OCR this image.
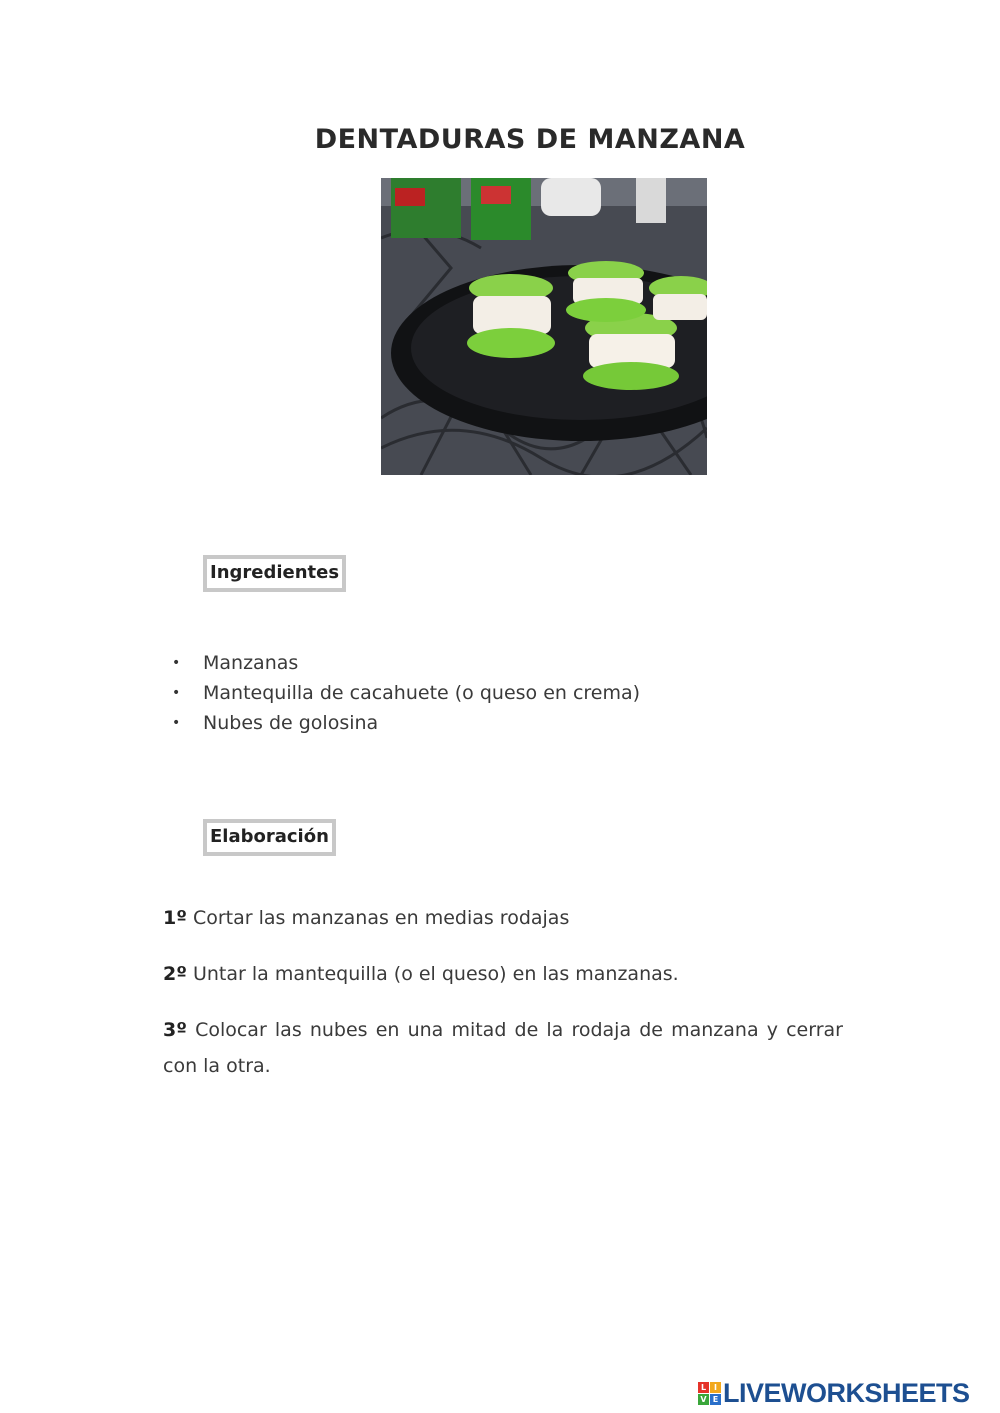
DENTADURAS DE MANZANA
Ingredientes
• Manzanas
• Mantequilla de cacahuete (o queso en crema)
• Nubes de golosina
Elaboración
1º Cortar las manzanas en medias rodajas
2º Untar la mantequilla (o el queso) en las manzanas.
3º Colocar las nubes en una mitad de la rodaja de manzana y cerrar con la otra.
L I
V E LIVEWORKSHEETS
